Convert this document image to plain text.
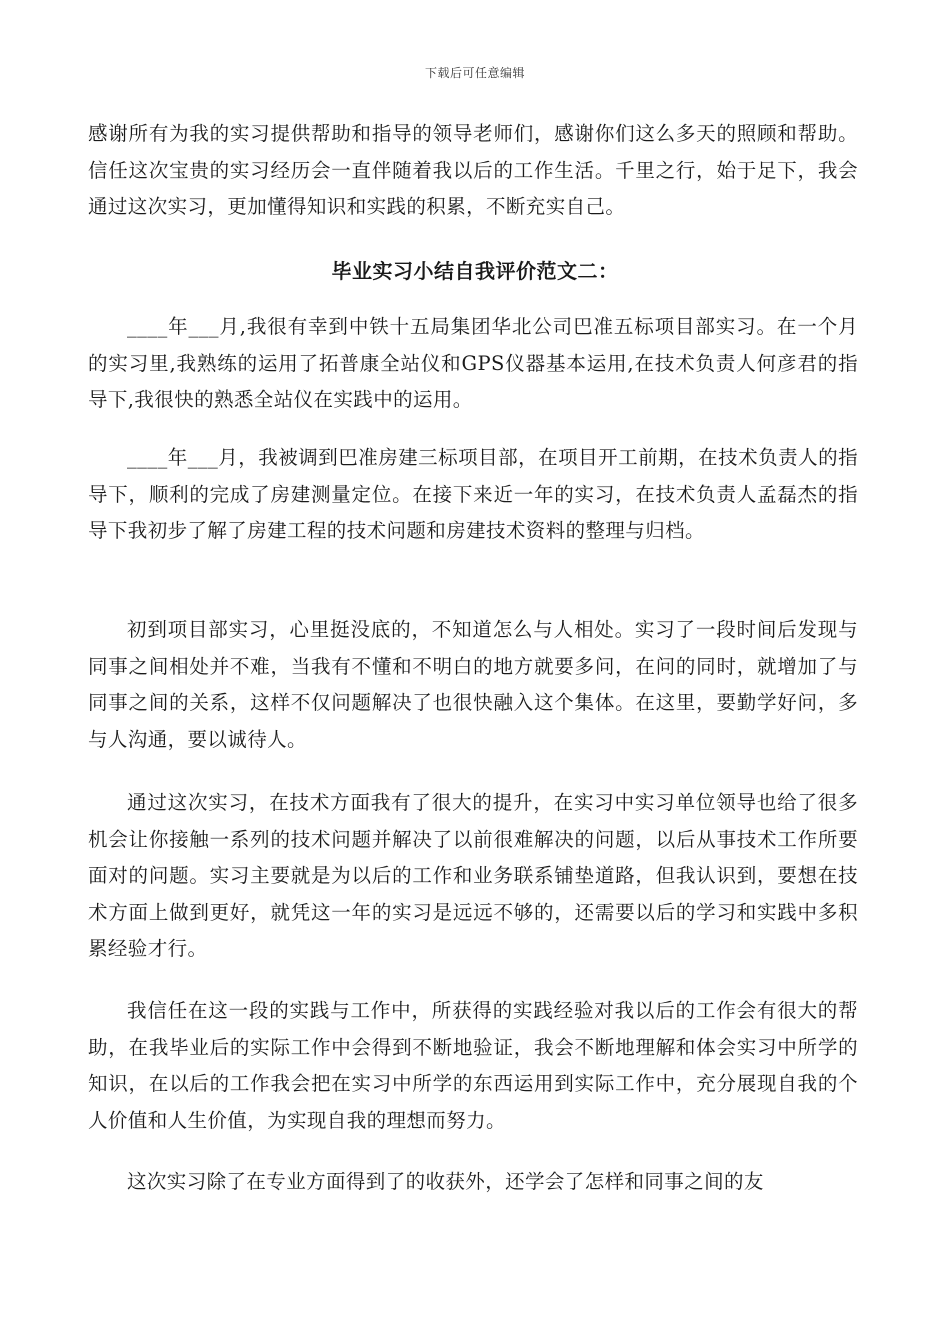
下载后可任意编辑

感谢所有为我的实习提供帮助和指导的领导老师们，感谢你们这么多天的照顾和帮助。信任这次宝贵的实习经历会一直伴随着我以后的工作生活。千里之行，始于足下，我会通过这次实习，更加懂得知识和实践的积累，不断充实自己。

毕业实习小结自我评价范文二：

____年___月,我很有幸到中铁十五局集团华北公司巴准五标项目部实习。在一个月的实习里,我熟练的运用了拓普康全站仪和GPS仪器基本运用,在技术负责人何彦君的指导下,我很快的熟悉全站仪在实践中的运用。

____年___月，我被调到巴准房建三标项目部，在项目开工前期，在技术负责人的指导下，顺利的完成了房建测量定位。在接下来近一年的实习，在技术负责人孟磊杰的指导下我初步了解了房建工程的技术问题和房建技术资料的整理与归档。

初到项目部实习，心里挺没底的，不知道怎么与人相处。实习了一段时间后发现与同事之间相处并不难，当我有不懂和不明白的地方就要多问，在问的同时，就增加了与同事之间的关系，这样不仅问题解决了也很快融入这个集体。在这里，要勤学好问，多与人沟通，要以诚待人。

通过这次实习，在技术方面我有了很大的提升，在实习中实习单位领导也给了很多机会让你接触一系列的技术问题并解决了以前很难解决的问题，以后从事技术工作所要面对的问题。实习主要就是为以后的工作和业务联系铺垫道路，但我认识到，要想在技术方面上做到更好，就凭这一年的实习是远远不够的，还需要以后的学习和实践中多积累经验才行。

我信任在这一段的实践与工作中，所获得的实践经验对我以后的工作会有很大的帮助，在我毕业后的实际工作中会得到不断地验证，我会不断地理解和体会实习中所学的知识，在以后的工作我会把在实习中所学的东西运用到实际工作中，充分展现自我的个人价值和人生价值，为实现自我的理想而努力。

这次实习除了在专业方面得到了的收获外，还学会了怎样和同事之间的友
